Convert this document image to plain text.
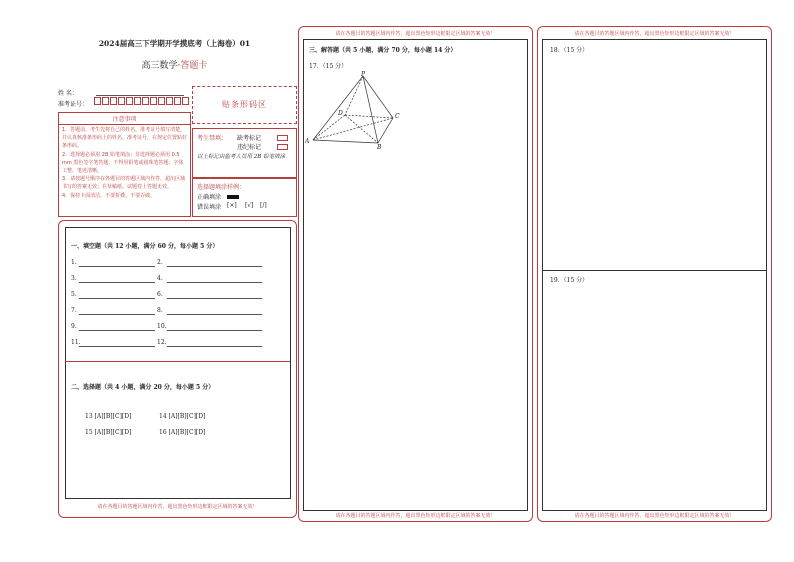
2024届高三下学期开学摸底考（上海卷）01
高三数学·答题卡
姓 名：
准考证号：	贴条形码区
注意事项

1．答题前，考生先将自己的姓名，准考证号填写清楚，并认真核准条形码上的姓名、准考证号，在规定位置贴好条形码。

2．选择题必须用 2B 铅笔填涂；非选择题必须用 0.5 mm 黑色签字笔答题，不得用铅笔或圆珠笔答题；字体工整、笔迹清晰。

3．请按题号顺序在各题目的答题区域内作答，超出区域书写的答案无效；在草稿纸、试题卷上答题无效。

4．保持卡面清洁，不要折叠、不要弄破。

考生禁填： 缺考标记
违纪标记
以上标记由监考人员用 2B 铅笔填涂
选择题填涂样例：
正确填涂
错误填涂 [×] [√] [/]
一、填空题（共 12 小题，满分 60 分，每小题 5 分）
1.	2.
3.	4.
5.	6.
7.	8.
9.	10.
11.	12.
二、选择题（共 4 小题，满分 20 分，每小题 5 分）
13 [A][B][C][D]	14 [A][B][C][D]
15 [A][B][C][D]	16 [A][B][C][D]
请在各题目的答题区域内作答，超出黑色矩形边框限定区域的答案无效！
请在各题目的答题区域内作答，超出黑色矩形边框限定区域的答案无效！
三、解答题（共 5 小题，满分 70 分，每小题 14 分）
17．（15 分）
P
D
A
B
C
请在各题目的答题区域内作答，超出黑色矩形边框限定区域的答案无效！
请在各题目的答题区域内作答，超出黑色矩形边框限定区域的答案无效！
18．（15 分）
19．（15 分）
请在各题目的答题区域内作答，超出黑色矩形边框限定区域的答案无效！
